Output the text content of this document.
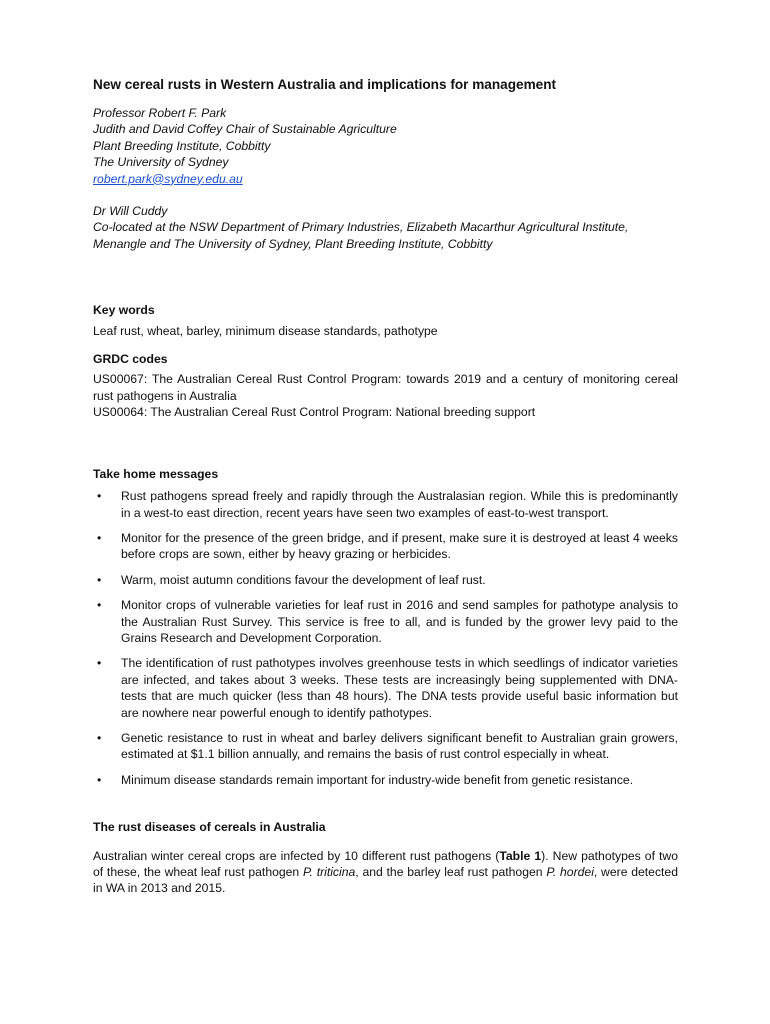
New cereal rusts in Western Australia and implications for management

Professor Robert F. Park

Judith and David Coffey Chair of Sustainable Agriculture

Plant Breeding Institute, Cobbitty

The University of Sydney

robert.park@sydney.edu.au

Dr Will Cuddy

Co-located at the NSW Department of Primary Industries, Elizabeth Macarthur Agricultural Institute,

Menangle and The University of Sydney, Plant Breeding Institute, Cobbitty

Key words

Leaf rust, wheat, barley, minimum disease standards, pathotype

GRDC codes

US00067: The Australian Cereal Rust Control Program: towards 2019 and a century of monitoring cereal rust pathogens in Australia

US00064: The Australian Cereal Rust Control Program: National breeding support

Take home messages

• Rust pathogens spread freely and rapidly through the Australasian region. While this is predominantly in a west-to east direction, recent years have seen two examples of east-to-west transport.
• Monitor for the presence of the green bridge, and if present, make sure it is destroyed at least 4 weeks before crops are sown, either by heavy grazing or herbicides.
• Warm, moist autumn conditions favour the development of leaf rust.
• Monitor crops of vulnerable varieties for leaf rust in 2016 and send samples for pathotype analysis to the Australian Rust Survey. This service is free to all, and is funded by the grower levy paid to the Grains Research and Development Corporation.
• The identification of rust pathotypes involves greenhouse tests in which seedlings of indicator varieties are infected, and takes about 3 weeks. These tests are increasingly being supplemented with DNA-tests that are much quicker (less than 48 hours). The DNA tests provide useful basic information but are nowhere near powerful enough to identify pathotypes.
• Genetic resistance to rust in wheat and barley delivers significant benefit to Australian grain growers, estimated at $1.1 billion annually, and remains the basis of rust control especially in wheat.
• Minimum disease standards remain important for industry-wide benefit from genetic resistance.

The rust diseases of cereals in Australia

Australian winter cereal crops are infected by 10 different rust pathogens (Table 1). New pathotypes of two of these, the wheat leaf rust pathogen P. triticina, and the barley leaf rust pathogen P. hordei, were detected in WA in 2013 and 2015.
